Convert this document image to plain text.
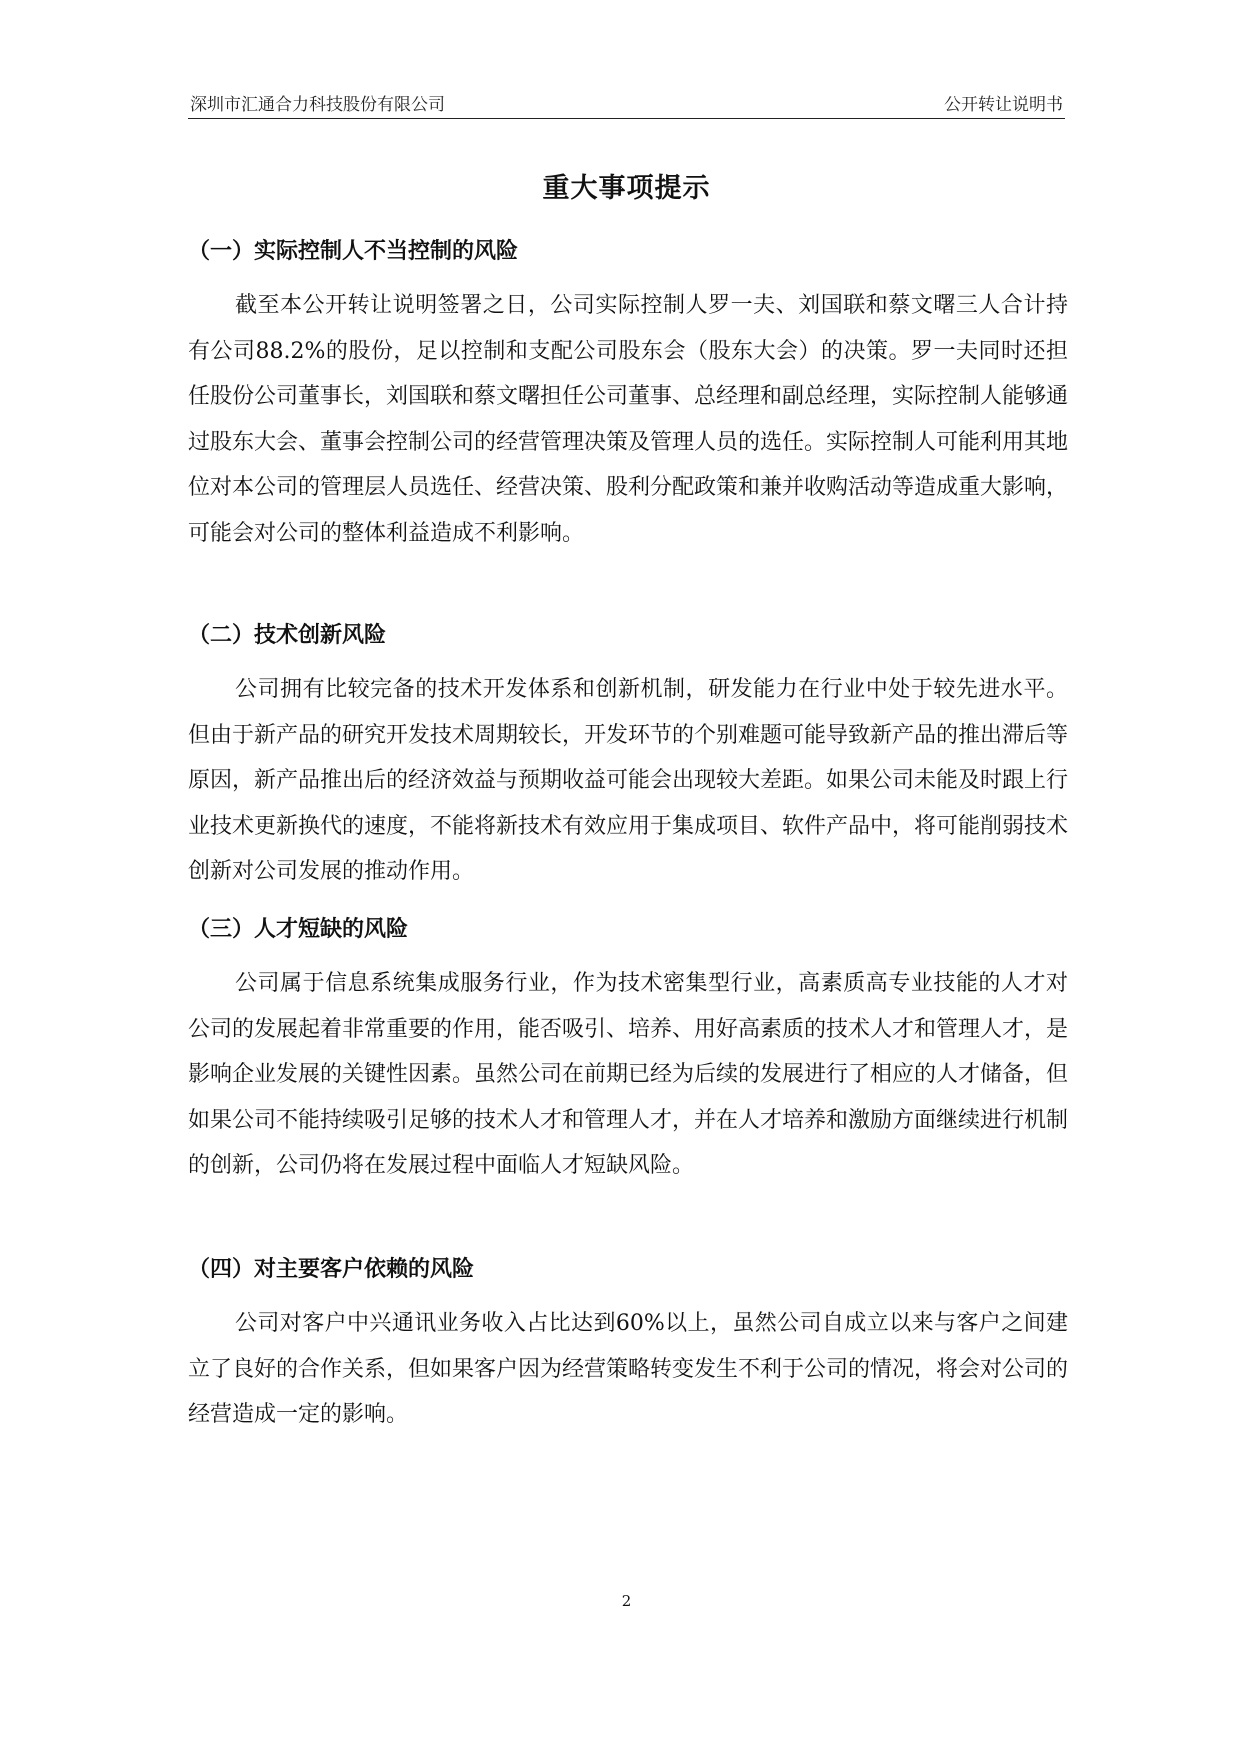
深圳市汇通合力科技股份有限公司	公开转让说明书
重大事项提示
（一）实际控制人不当控制的风险
截至本公开转让说明签署之日，公司实际控制人罗一夫、刘国联和蔡文曙三人合计持有公司88.2%的股份，足以控制和支配公司股东会（股东大会）的决策。罗一夫同时还担任股份公司董事长，刘国联和蔡文曙担任公司董事、总经理和副总经理，实际控制人能够通过股东大会、董事会控制公司的经营管理决策及管理人员的选任。实际控制人可能利用其地位对本公司的管理层人员选任、经营决策、股利分配政策和兼并收购活动等造成重大影响，可能会对公司的整体利益造成不利影响。
（二）技术创新风险
公司拥有比较完备的技术开发体系和创新机制，研发能力在行业中处于较先进水平。但由于新产品的研究开发技术周期较长，开发环节的个别难题可能导致新产品的推出滞后等原因，新产品推出后的经济效益与预期收益可能会出现较大差距。如果公司未能及时跟上行业技术更新换代的速度，不能将新技术有效应用于集成项目、软件产品中，将可能削弱技术创新对公司发展的推动作用。
（三）人才短缺的风险
公司属于信息系统集成服务行业，作为技术密集型行业，高素质高专业技能的人才对公司的发展起着非常重要的作用，能否吸引、培养、用好高素质的技术人才和管理人才，是影响企业发展的关键性因素。虽然公司在前期已经为后续的发展进行了相应的人才储备，但如果公司不能持续吸引足够的技术人才和管理人才，并在人才培养和激励方面继续进行机制的创新，公司仍将在发展过程中面临人才短缺风险。
（四）对主要客户依赖的风险
公司对客户中兴通讯业务收入占比达到60%以上，虽然公司自成立以来与客户之间建立了良好的合作关系，但如果客户因为经营策略转变发生不利于公司的情况，将会对公司的经营造成一定的影响。
2
